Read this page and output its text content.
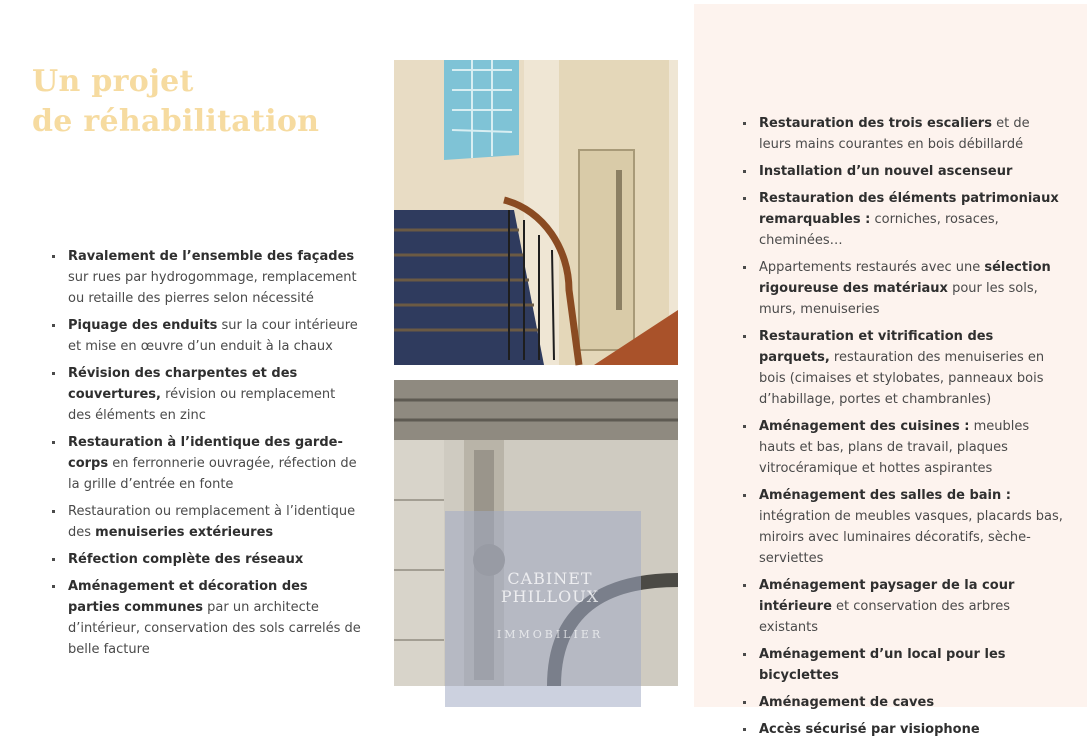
Un projet
de réhabilitation
Ravalement de l’ensemble des façades sur rues par hydrogommage, remplacement ou retaille des pierres selon nécessité
Piquage des enduits sur la cour intérieure et mise en œuvre d’un enduit à la chaux
Révision des charpentes et des couvertures, révision ou remplacement des éléments en zinc
Restauration à l’identique des garde-corps en ferronnerie ouvragée, réfection de la grille d’entrée en fonte
Restauration ou remplacement à l’identique des menuiseries extérieures
Réfection complète des réseaux
Aménagement et décoration des parties communes par un architecte d’intérieur, conservation des sols carrelés de belle facture
CABINET
PHILLOUX
IMMOBILIER
Restauration des trois escaliers et de leurs mains courantes en bois débillardé
Installation d’un nouvel ascenseur
Restauration des éléments patrimoniaux remarquables : corniches, rosaces, cheminées…
Appartements restaurés avec une sélection rigoureuse des matériaux pour les sols, murs, menuiseries
Restauration et vitrification des parquets, restauration des menuiseries en bois (cimaises et stylobates, panneaux bois d’habillage, portes et chambranles)
Aménagement des cuisines : meubles hauts et bas, plans de travail, plaques vitrocéramique et hottes aspirantes
Aménagement des salles de bain : intégration de meubles vasques, placards bas, miroirs avec luminaires décoratifs, sèche-serviettes
Aménagement paysager de la cour intérieure et conservation des arbres existants
Aménagement d’un local pour les bicyclettes
Aménagement de caves
Accès sécurisé par visiophone
